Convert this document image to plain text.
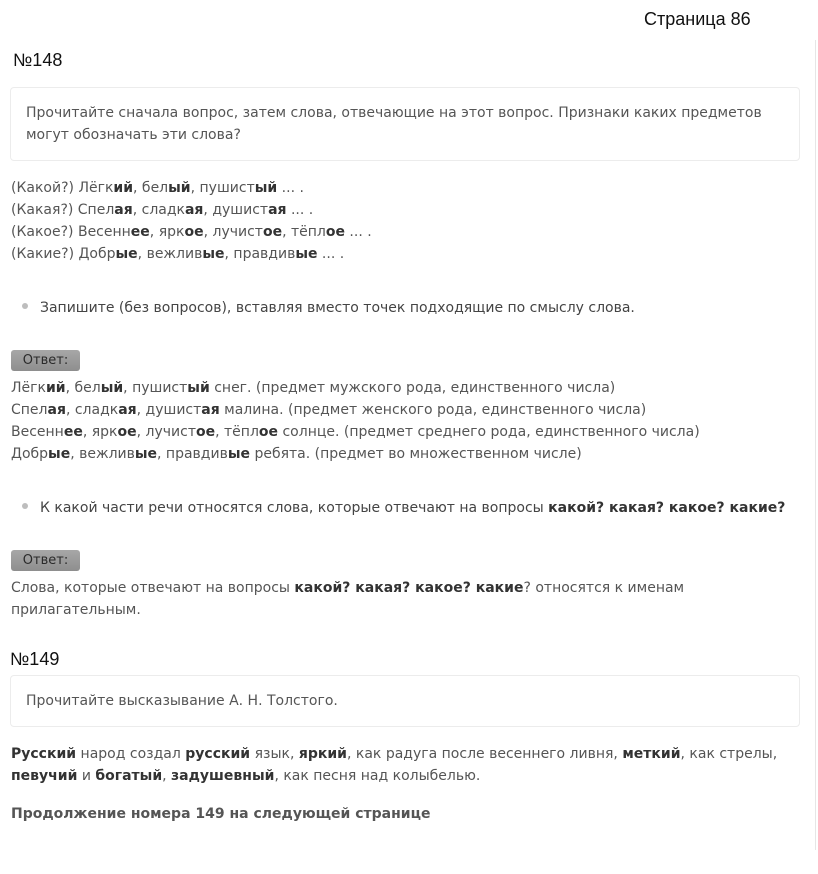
Страница 86
№148
Прочитайте сначала вопрос, затем слова, отвечающие на этот вопрос. Признаки каких предметов могут обозначать эти слова?
(Какой?) Лёгкий, белый, пушистый ... .
(Какая?) Спелая, сладкая, душистая ... .
(Какое?) Весеннее, яркое, лучистое, тёплое ... .
(Какие?) Добрые, вежливые, правдивые ... .
Запишите (без вопросов), вставляя вместо точек подходящие по смыслу слова.
Ответ:
Лёгкий, белый, пушистый снег. (предмет мужского рода, единственного числа)
Спелая, сладкая, душистая малина. (предмет женского рода, единственного числа)
Весеннее, яркое, лучистое, тёплое солнце. (предмет среднего рода, единственного числа)
Добрые, вежливые, правдивые ребята. (предмет во множественном числе)
К какой части речи относятся слова, которые отвечают на вопросы какой? какая? какое? какие?
Ответ:
Слова, которые отвечают на вопросы какой? какая? какое? какие? относятся к именам прилагательным.
№149
Прочитайте высказывание А. Н. Толстого.
Русский народ создал русский язык, яркий, как радуга после весеннего ливня, меткий, как стрелы, певучий и богатый, задушевный, как песня над колыбелью.
Продолжение номера 149 на следующей странице
